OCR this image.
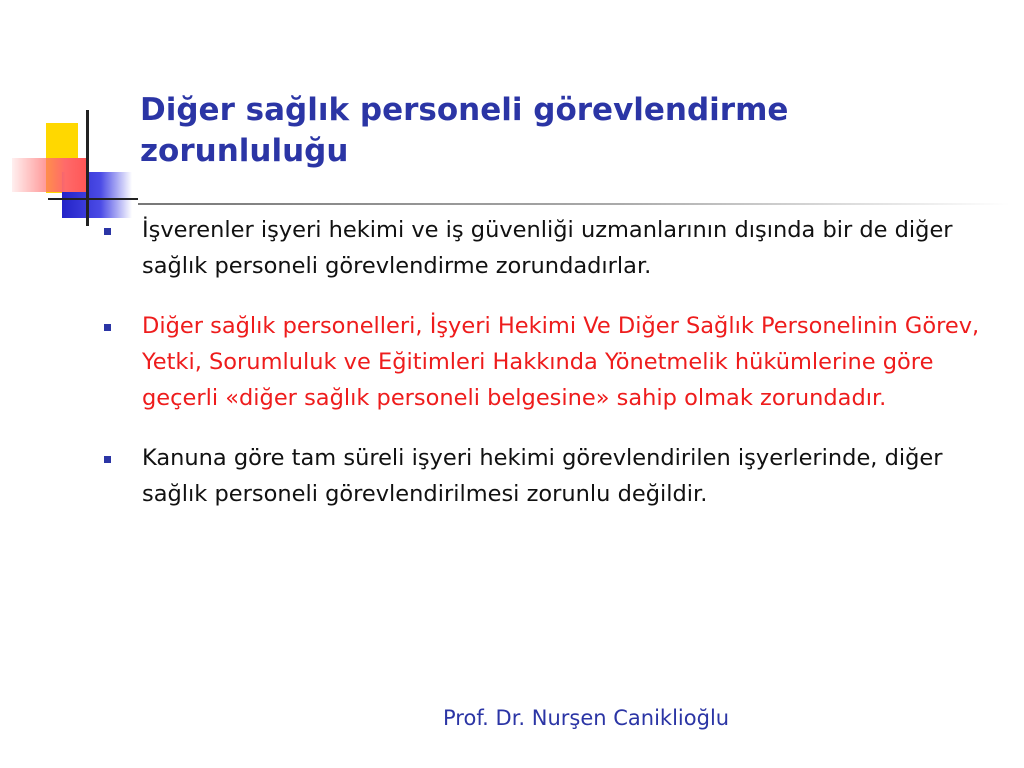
Diğer sağlık personeli görevlendirme zorunluluğu
İşverenler işyeri hekimi ve iş güvenliği uzmanlarının dışında bir de diğer sağlık personeli görevlendirme zorundadırlar.
Diğer sağlık personelleri, İşyeri Hekimi Ve Diğer Sağlık Personelinin Görev, Yetki, Sorumluluk ve Eğitimleri Hakkında Yönetmelik hükümlerine göre geçerli «diğer sağlık personeli belgesine» sahip olmak zorundadır.
Kanuna göre tam süreli işyeri hekimi görevlendirilen işyerlerinde, diğer sağlık personeli görevlendirilmesi zorunlu değildir.
Prof. Dr. Nurşen Caniklioğlu
